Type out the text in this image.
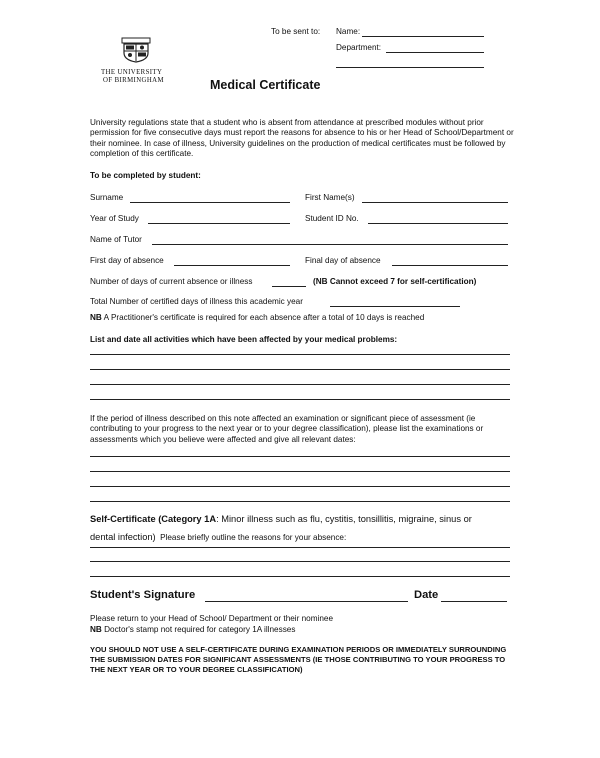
To be sent to: Name:
Department:
THE UNIVERSITY
OF BIRMINGHAM	Medical Certificate
University regulations state that a student who is absent from attendance at prescribed modules without prior permission for five consecutive days must report the reasons for absence to his or her Head of School/Department or their nominee. In case of illness, University guidelines on the production of medical certificates must be followed by completion of this certificate.
To be completed by student:
Surname	First Name(s)
Year of Study	Student ID No.
Name of Tutor
First day of absence	Final day of absence
Number of days of current absence or illness	(NB Cannot exceed 7 for self-certification)
Total Number of certified days of illness this academic year
NB A Practitioner's certificate is required for each absence after a total of 10 days is reached
List and date all activities which have been affected by your medical problems:
If the period of illness described on this note affected an examination or significant piece of assessment (ie contributing to your progress to the next year or to your degree classification), please list the examinations or assessments which you believe were affected and give all relevant dates:
Self-Certificate (Category 1A: Minor illness such as flu, cystitis, tonsillitis, migraine, sinus or
dental infection) Please briefly outline the reasons for your absence:
Student's Signature	Date
Please return to your Head of School/ Department or their nominee
NB Doctor's stamp not required for category 1A illnesses
YOU SHOULD NOT USE A SELF-CERTIFICATE DURING EXAMINATION PERIODS OR IMMEDIATELY SURROUNDING THE SUBMISSION DATES FOR SIGNIFICANT ASSESSMENTS (IE THOSE CONTRIBUTING TO YOUR PROGRESS TO THE NEXT YEAR OR TO YOUR DEGREE CLASSIFICATION)
